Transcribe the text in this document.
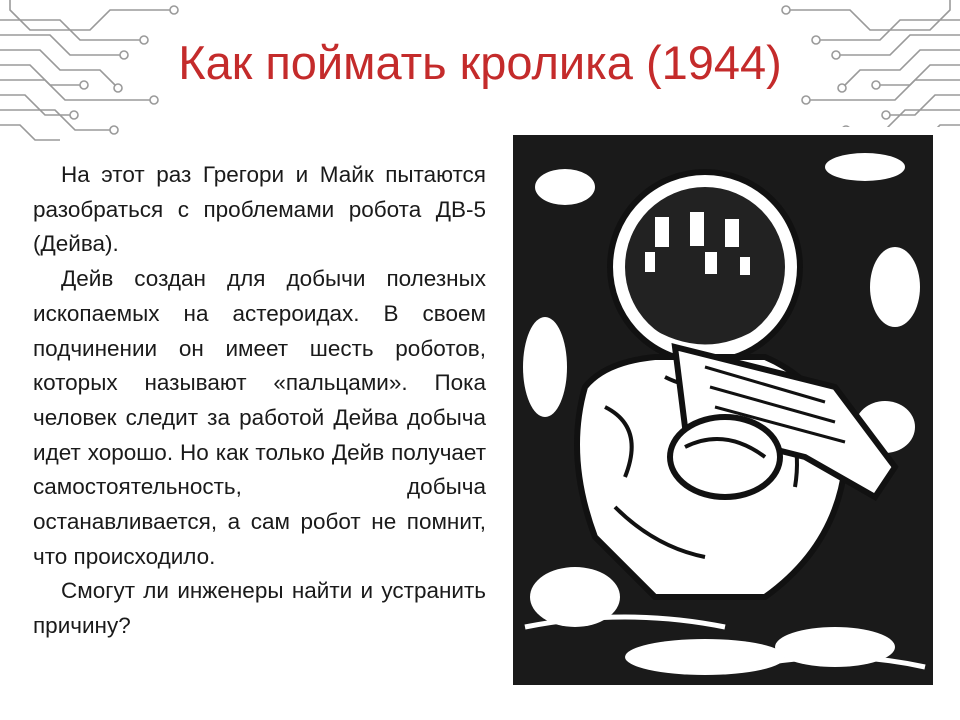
Как поймать кролика (1944)

На этот раз Грегори и Майк пытаются разобраться с проблемами робота ДВ-5 (Дейва).

Дейв создан для добычи полезных ископаемых на астероидах. В своем подчинении он имеет шесть роботов, которых называют «пальцами». Пока человек следит за работой Дейва добыча идет хорошо. Но как только Дейв получает самостоятельность, добыча останавливается, а сам робот не помнит, что происходило.

Смогут ли инженеры найти и устранить причину?
